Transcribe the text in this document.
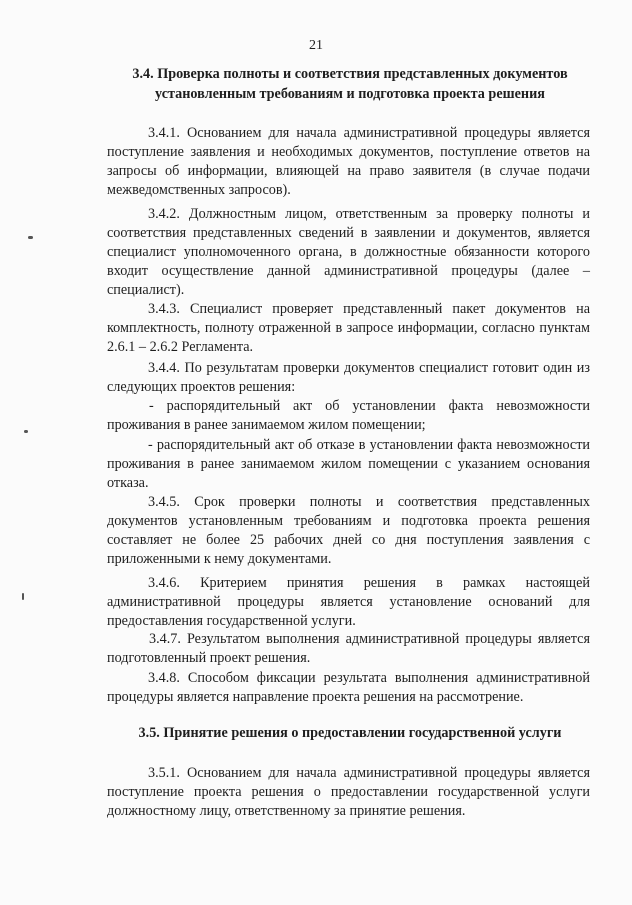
21
3.4. Проверка полноты и соответствия представленных документов
установленным требованиям и подготовка проекта решения
3.4.1. Основанием для начала административной процедуры является
поступление заявления и необходимых документов, поступление ответов на
запросы об информации, влияющей на право заявителя (в случае подачи
межведомственных запросов).
3.4.2. Должностным лицом, ответственным за проверку полноты и
соответствия представленных сведений в заявлении и документов, является
специалист уполномоченного органа, в должностные обязанности которого
входит осуществление данной административной процедуры (далее –
специалист).
3.4.3. Специалист проверяет представленный пакет документов на
комплектность, полноту отраженной в запросе информации, согласно пунктам
2.6.1 – 2.6.2 Регламента.
3.4.4. По результатам проверки документов специалист готовит один из
следующих проектов решения:
- распорядительный акт об установлении факта невозможности
проживания в ранее занимаемом жилом помещении;
- распорядительный акт об отказе в установлении факта невозможности
проживания в ранее занимаемом жилом помещении с указанием основания
отказа.
3.4.5. Срок проверки полноты и соответствия представленных
документов установленным требованиям и подготовка проекта решения
составляет не более 25 рабочих дней со дня поступления заявления с
приложенными к нему документами.
3.4.6. Критерием принятия решения в рамках настоящей
административной процедуры является установление оснований для
предоставления государственной услуги.
3.4.7. Результатом выполнения административной процедуры является
подготовленный проект решения.
3.4.8. Способом фиксации результата выполнения административной
процедуры является направление проекта решения на рассмотрение.
3.5. Принятие решения о предоставлении государственной услуги
3.5.1. Основанием для начала административной процедуры является
поступление проекта решения о предоставлении государственной услуги
должностному лицу, ответственному за принятие решения.
